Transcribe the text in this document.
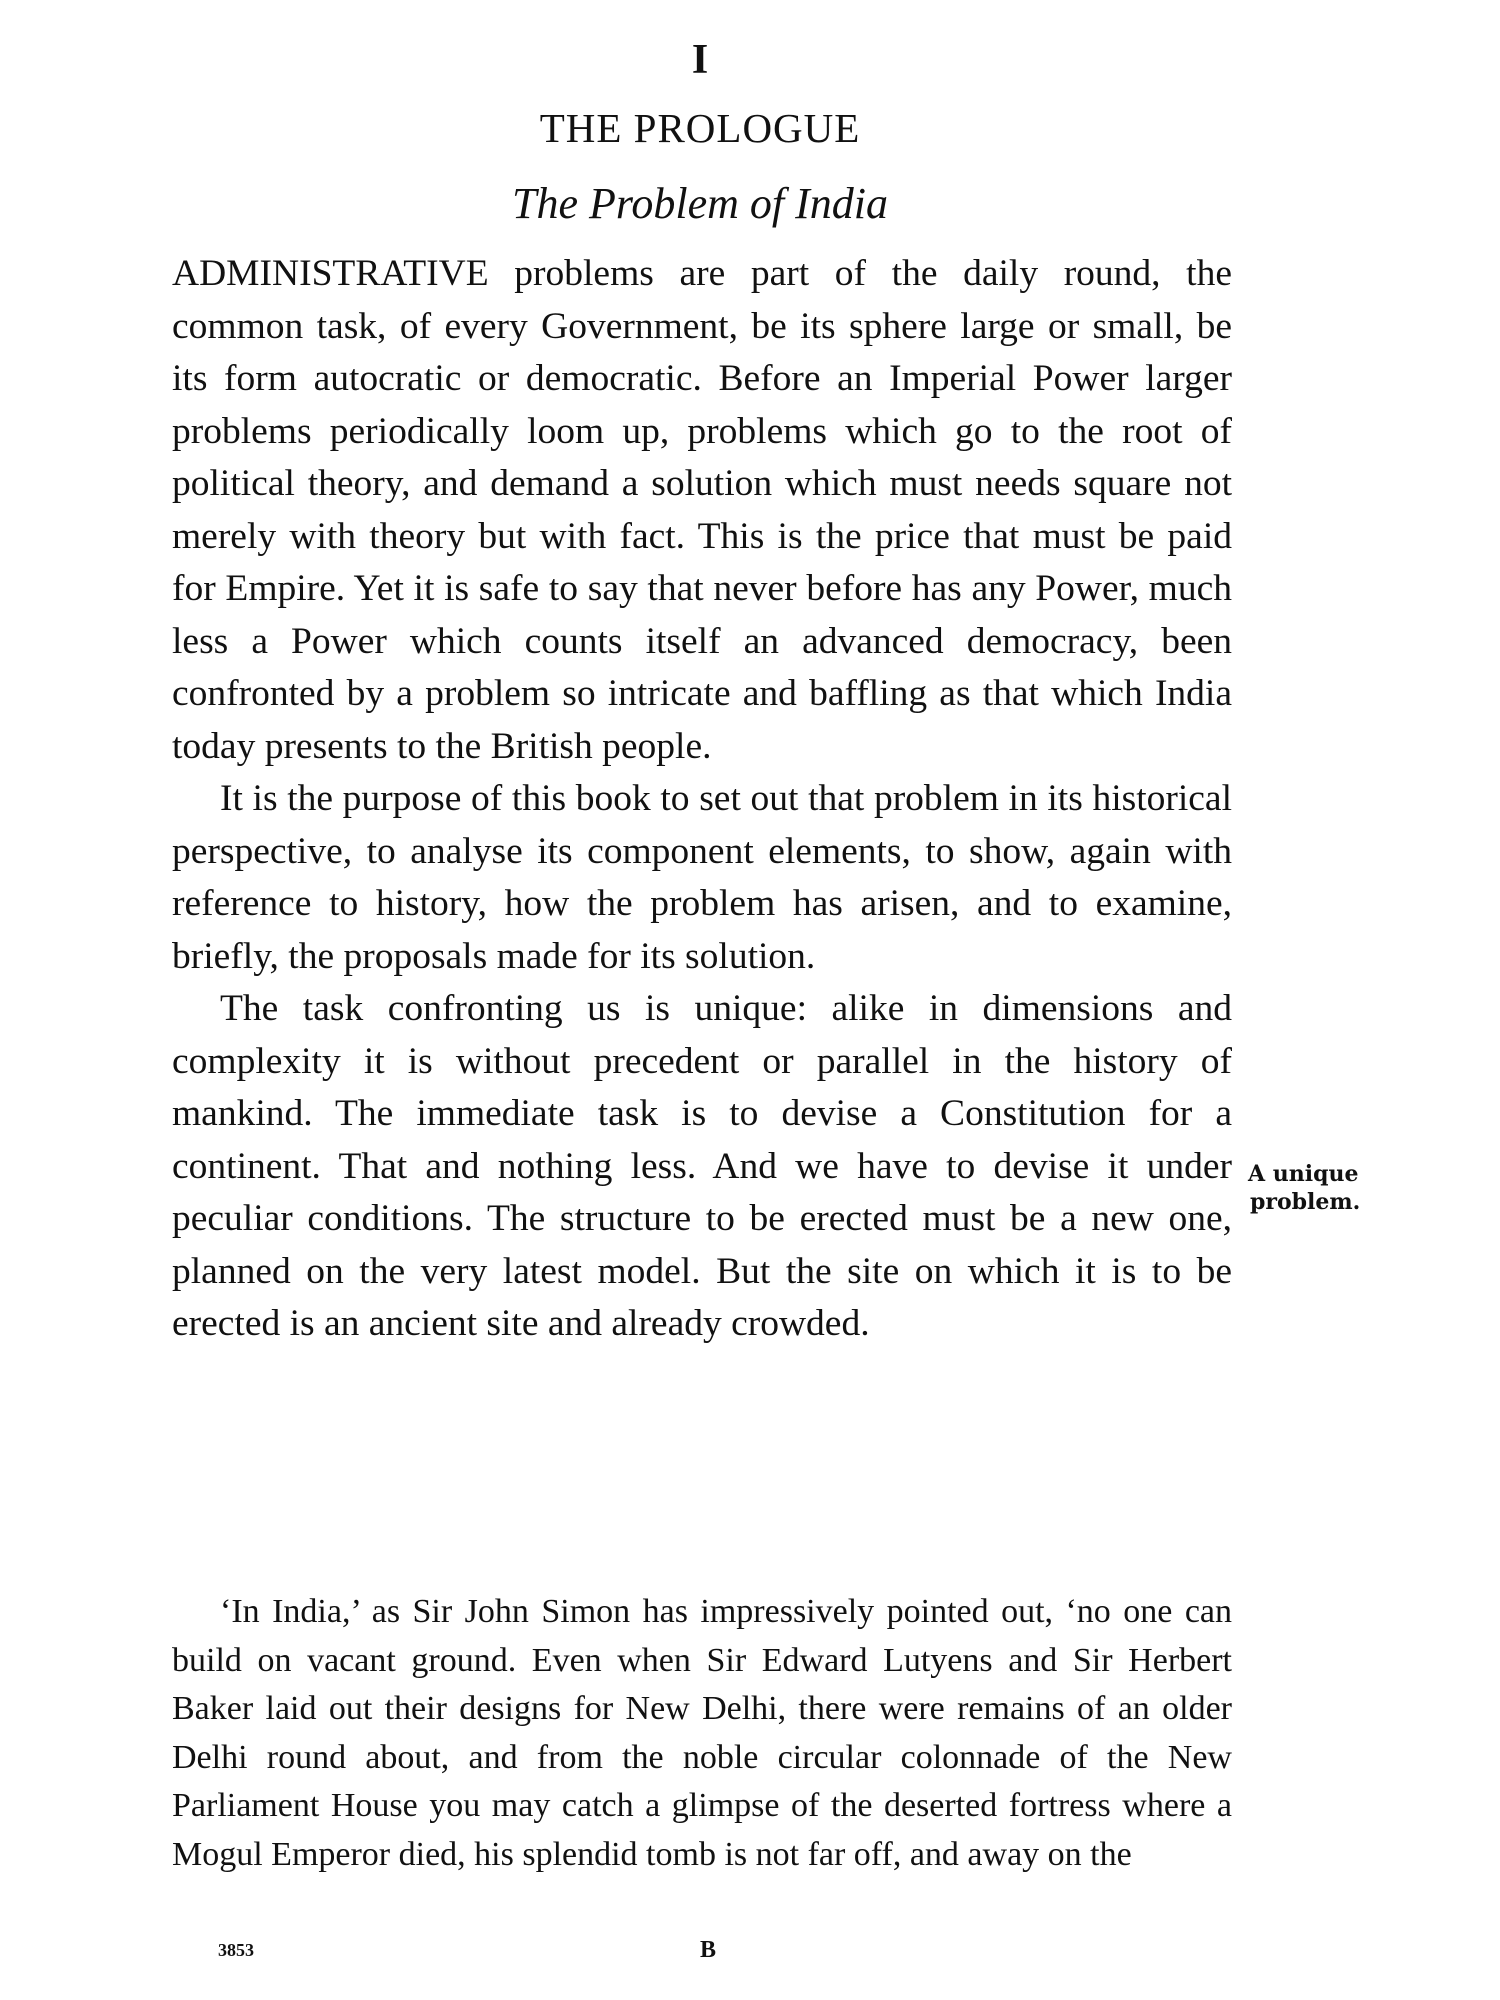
I
THE PROLOGUE
The Problem of India

ADMINISTRATIVE problems are part of the daily round, the common task, of every Government, be its sphere large or small, be its form autocratic or democratic. Before an Imperial Power larger problems periodically loom up, problems which go to the root of political theory, and demand a solution which must needs square not merely with theory but with fact. This is the price that must be paid for Empire. Yet it is safe to say that never before has any Power, much less a Power which counts itself an advanced democracy, been confronted by a problem so intricate and baffling as that which India today presents to the British people.

It is the purpose of this book to set out that problem in its historical perspective, to analyse its component elements, to show, again with reference to history, how the problem has arisen, and to examine, briefly, the proposals made for its solution.

The task confronting us is unique: alike in dimensions and complexity it is without precedent or parallel in the history of mankind. The immediate task is to devise a Constitution for a continent. That and nothing less. And we have to devise it under peculiar conditions. The structure to be erected must be a new one, planned on the very latest model. But the site on which it is to be erected is an ancient site and already crowded.

‘In India,’ as Sir John Simon has impressively pointed out, ‘no one can build on vacant ground. Even when Sir Edward Lutyens and Sir Herbert Baker laid out their designs for New Delhi, there were remains of an older Delhi round about, and from the noble circular colonnade of the New Parliament House you may catch a glimpse of the deserted fortress where a Mogul Emperor died, his splendid tomb is not far off, and away on the

A unique
problem.
3853	B
